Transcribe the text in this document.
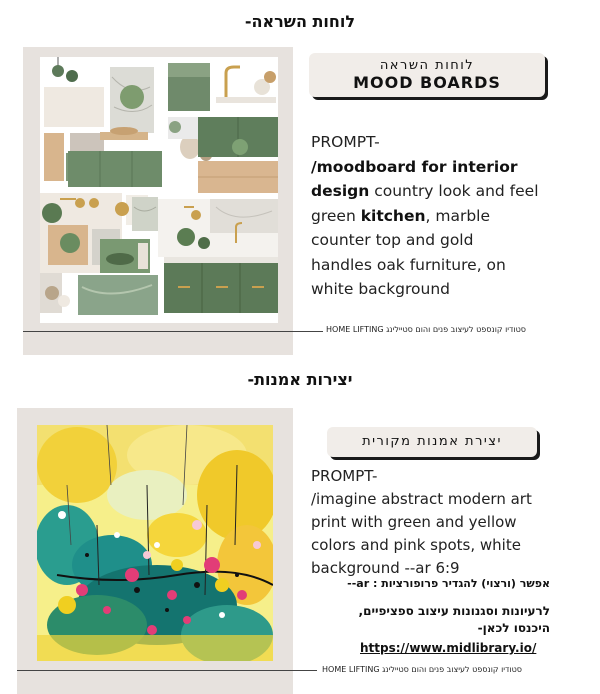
לוחות השראה-
לוחות השראה
MOOD BOARDS
PROMPT-
/moodboard for interior
design country look and feel
green kitchen, marble
counter top and gold
handles oak furniture, on
white background
HOME LIFTING סטודיו קונספט לעיצוב פנים והום סטיילינג
יצירות אמנות-
יצירת אמנות מקורית
PROMPT-
/imagine abstract modern art
print with green and yellow
colors and pink spots, white
background --ar 6:9
אפשר (ורצוי) להגדיר פרופורציות : ar--
לרעיונות וסגנונות עיצוב ספציפיים,
היכנסו לכאן-
https://www.midlibrary.io/
HOME LIFTING סטודיו קונספט לעיצוב פנים והום סטיילינג
